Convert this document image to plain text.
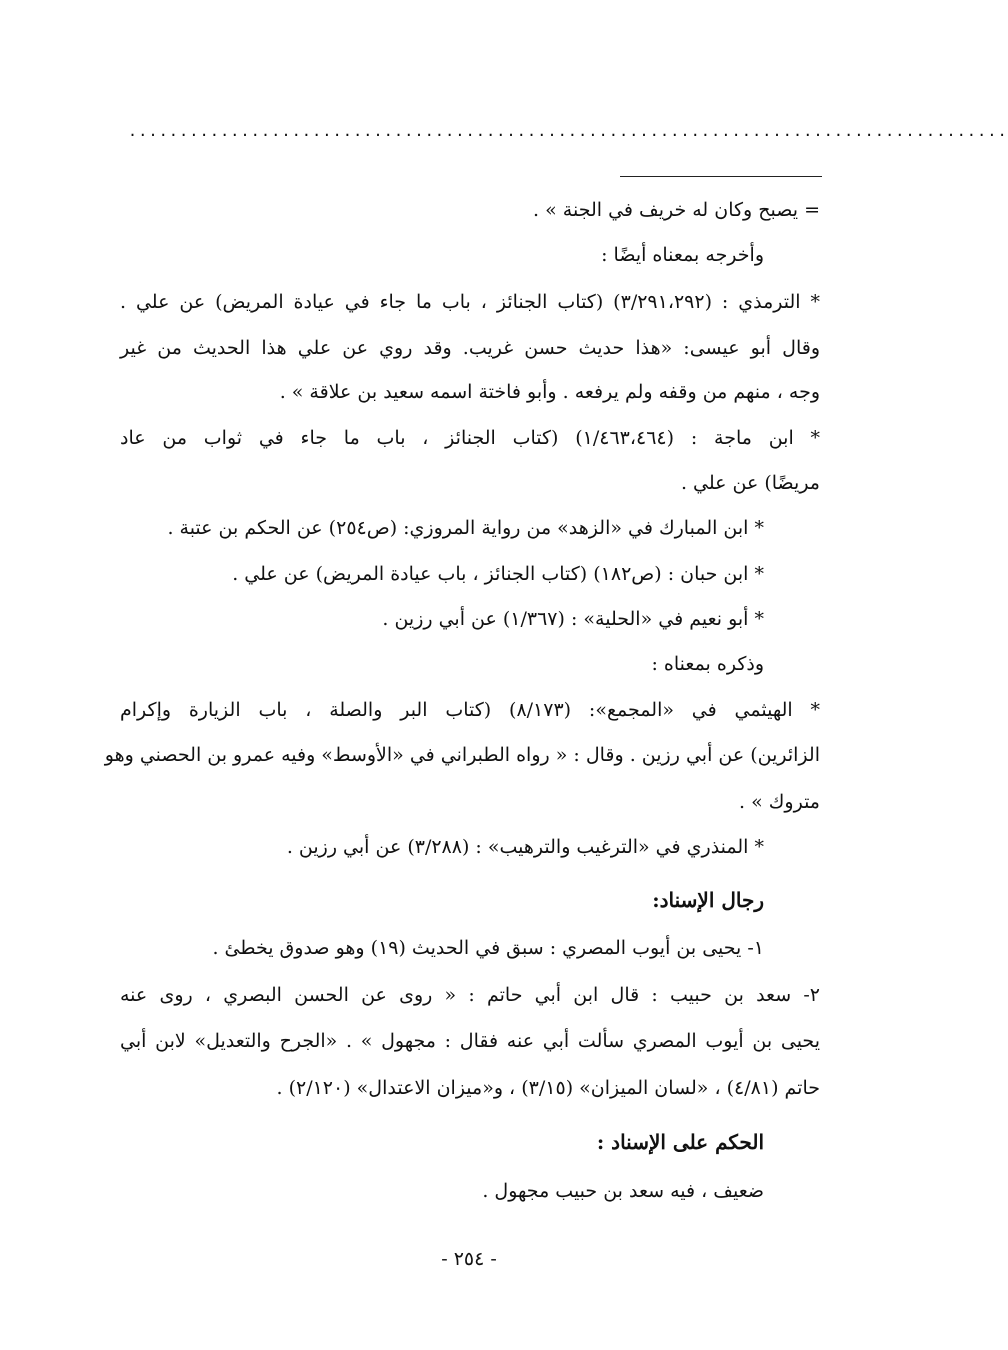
......................................................................................
= يصبح وكان له خريف في الجنة » .
وأخرجه بمعناه أيضًا :
* الترمذي : (٣/٢٩١،٢٩٢) (كتاب الجنائز ، باب ما جاء في عيادة المريض) عن علي .
وقال أبو عيسى: «هذا حديث حسن غريب. وقد روي عن علي هذا الحديث من غير
وجه ، منهم من وقفه ولم يرفعه . وأبو فاختة اسمه سعيد بن علاقة » .
* ابن ماجة : (١/٤٦٣،٤٦٤) (كتاب الجنائز ، باب ما جاء في ثواب من عاد
مريضًا) عن علي .
* ابن المبارك في «الزهد» من رواية المروزي: (ص٢٥٤) عن الحكم بن عتبة .
* ابن حبان : (ص١٨٢) (كتاب الجنائز ، باب عيادة المريض) عن علي .
* أبو نعيم في «الحلية» : (١/٣٦٧) عن أبي رزين .
وذكره بمعناه :
* الهيثمي في «المجمع»: (٨/١٧٣) (كتاب البر والصلة ، باب الزيارة وإكرام
الزائرين) عن أبي رزين . وقال : « رواه الطبراني في «الأوسط» وفيه عمرو بن الحصني وهو
متروك » .
* المنذري في «الترغيب والترهيب» : (٣/٢٨٨) عن أبي رزين .
رجال الإسناد:
١- يحيى بن أيوب المصري : سبق في الحديث (١٩) وهو صدوق يخطئ .
٢- سعد بن حبيب : قال ابن أبي حاتم : « روى عن الحسن البصري ، روى عنه
يحيى بن أيوب المصري سألت أبي عنه فقال : مجهول » . «الجرح والتعديل» لابن أبي
حاتم (٤/٨١) ، «لسان الميزان» (٣/١٥) ، و«ميزان الاعتدال» (٢/١٢٠) .
الحكم على الإسناد :
ضعيف ، فيه سعد بن حبيب مجهول .
- ٢٥٤ -
